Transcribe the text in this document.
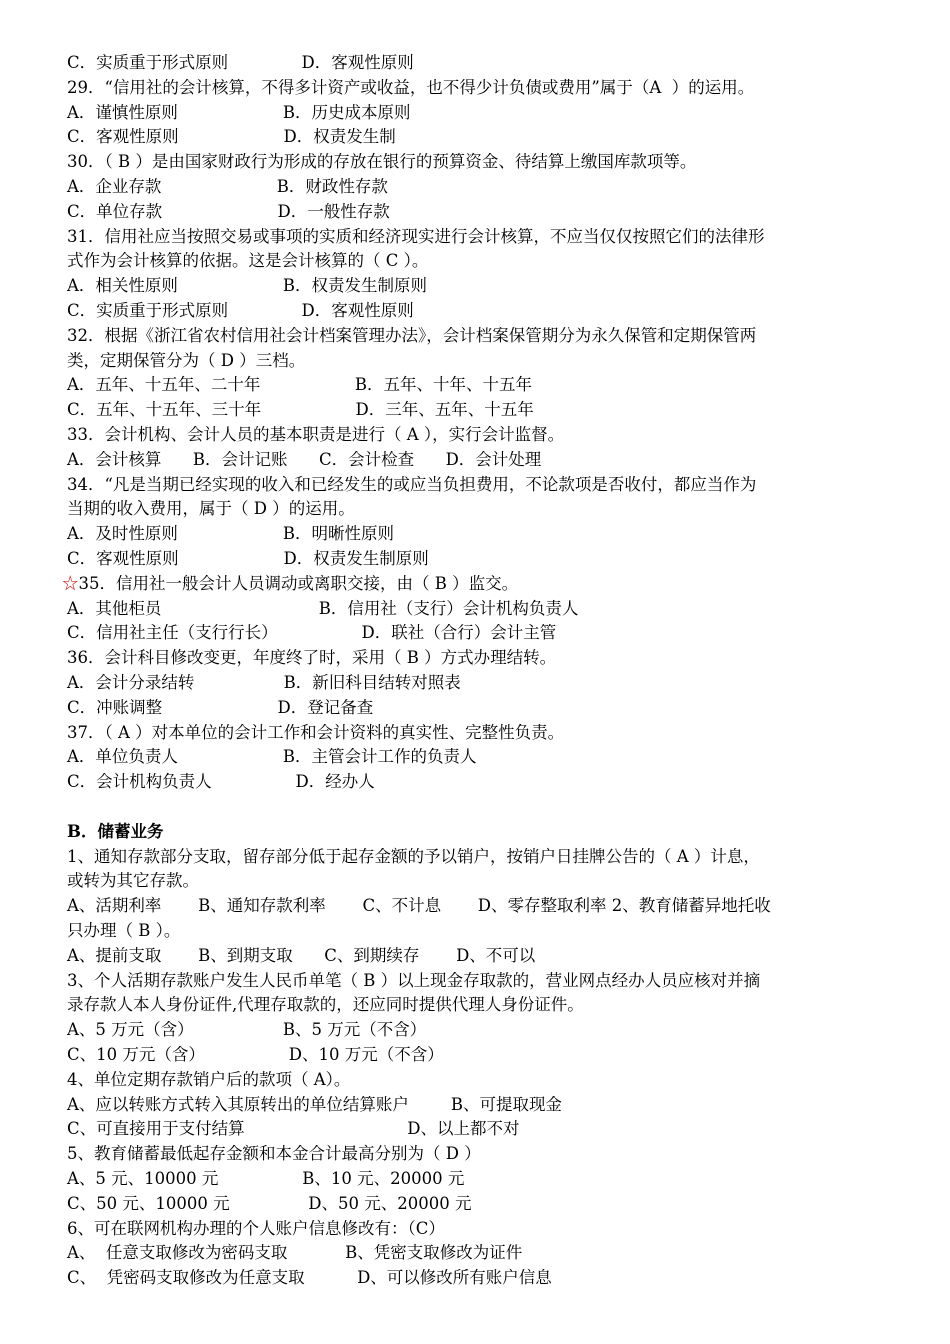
C．实质重于形式原则              D．客观性原则
29．“信用社的会计核算，不得多计资产或收益，也不得少计负债或费用”属于（A  ）的运用。
A．谨慎性原则                    B．历史成本原则
C．客观性原则                    D．权责发生制
30．（ B ）是由国家财政行为形成的存放在银行的预算资金、待结算上缴国库款项等。
A．企业存款                      B．财政性存款
C．单位存款                      D．一般性存款
31．信用社应当按照交易或事项的实质和经济现实进行会计核算，不应当仅仅按照它们的法律形
式作为会计核算的依据。这是会计核算的（ C ）。
A．相关性原则                    B．权责发生制原则
C．实质重于形式原则              D．客观性原则
32．根据《浙江省农村信用社会计档案管理办法》，会计档案保管期分为永久保管和定期保管两
类，定期保管分为（ D ）三档。
A．五年、十五年、二十年                  B．五年、十年、十五年
C．五年、十五年、三十年                  D．三年、五年、十五年
33．会计机构、会计人员的基本职责是进行（ A ），实行会计监督。
A．会计核算      B．会计记账      C．会计检查      D．会计处理
34．“凡是当期已经实现的收入和已经发生的或应当负担费用，不论款项是否收付，都应当作为
当期的收入费用，属于（ D ）的运用。
A．及时性原则                    B．明晰性原则
C．客观性原则                    D．权责发生制原则
☆35．信用社一般会计人员调动或离职交接，由（ B ）监交。
A．其他柜员                              B．信用社（支行）会计机构负责人
C．信用社主任（支行行长）                D．联社（合行）会计主管
36．会计科目修改变更，年度终了时，采用（ B ）方式办理结转。
A．会计分录结转                 B．新旧科目结转对照表
C．冲账调整                      D．登记备查
37．（ A ）对本单位的会计工作和会计资料的真实性、完整性负责。
A．单位负责人                    B．主管会计工作的负责人
C．会计机构负责人                D．经办人
B．储蓄业务
1、通知存款部分支取，留存部分低于起存金额的予以销户，按销户日挂牌公告的（ A ）计息，
或转为其它存款。
A、活期利率       B、通知存款利率       C、不计息       D、零存整取利率 2、教育储蓄异地托收
只办理（ B ）。
A、提前支取       B、到期支取      C、到期续存       D、不可以
3、个人活期存款账户发生人民币单笔（ B ）以上现金存取款的，营业网点经办人员应核对并摘
录存款人本人身份证件,代理存取款的，还应同时提供代理人身份证件。
A、5 万元（含）                 B、5 万元（不含）
C、10 万元（含）                D、10 万元（不含）
4、单位定期存款销户后的款项（ A）。
A、应以转账方式转入其原转出的单位结算账户        B、可提取现金
C、可直接用于支付结算                               D、以上都不对
5、教育储蓄最低起存金额和本金合计最高分别为（ D ）
A、5 元、10000 元                B、10 元、20000 元
C、50 元、10000 元               D、50 元、20000 元
6、可在联网机构办理的个人账户信息修改有：（C）
A、  任意支取修改为密码支取           B、凭密支取修改为证件
C、  凭密码支取修改为任意支取          D、可以修改所有账户信息
